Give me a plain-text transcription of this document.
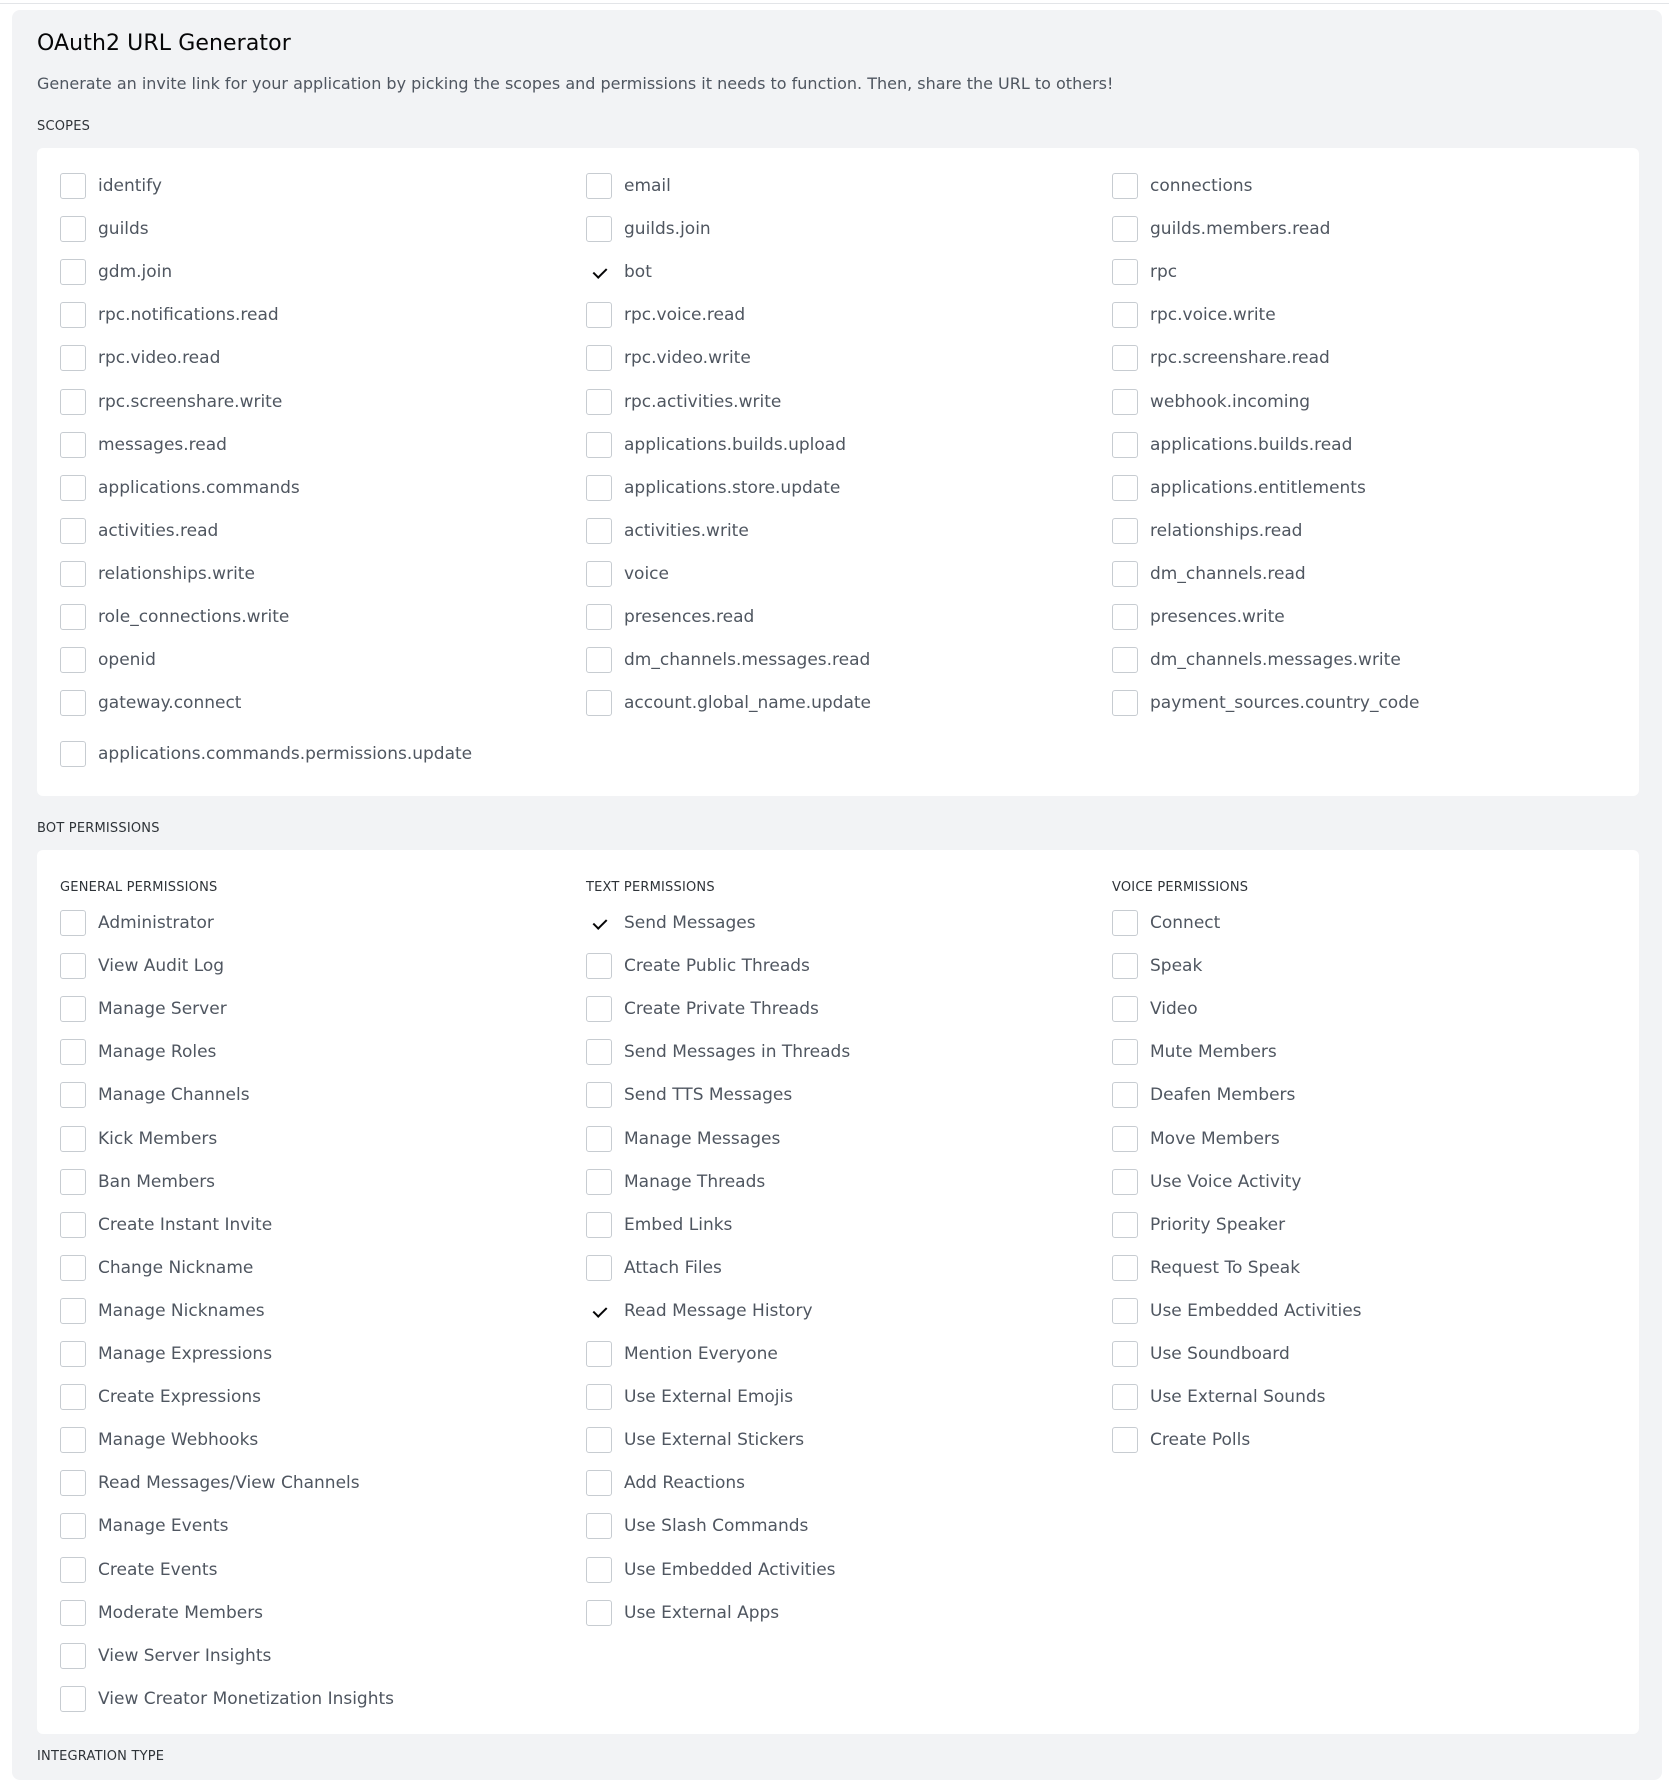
OAuth2 URL Generator
Generate an invite link for your application by picking the scopes and permissions it needs to function. Then, share the URL to others!
SCOPES
identify	email	connections
guilds	guilds.join	guilds.members.read
gdm.join	bot	rpc
rpc.notifications.read	rpc.voice.read	rpc.voice.write
rpc.video.read	rpc.video.write	rpc.screenshare.read
rpc.screenshare.write	rpc.activities.write	webhook.incoming
messages.read	applications.builds.upload	applications.builds.read
applications.commands	applications.store.update	applications.entitlements
activities.read	activities.write	relationships.read
relationships.write	voice	dm_channels.read
role_connections.write	presences.read	presences.write
openid	dm_channels.messages.read	dm_channels.messages.write
gateway.connect	account.global_name.update	payment_sources.country_code
applications.commands.permissions.update
BOT PERMISSIONS
GENERAL PERMISSIONS
Administrator
View Audit Log
Manage Server
Manage Roles
Manage Channels
Kick Members
Ban Members
Create Instant Invite
Change Nickname
Manage Nicknames
Manage Expressions
Create Expressions
Manage Webhooks
Read Messages/View Channels
Manage Events
Create Events
Moderate Members
View Server Insights
View Creator Monetization Insights
TEXT PERMISSIONS
Send Messages
Create Public Threads
Create Private Threads
Send Messages in Threads
Send TTS Messages
Manage Messages
Manage Threads
Embed Links
Attach Files
Read Message History
Mention Everyone
Use External Emojis
Use External Stickers
Add Reactions
Use Slash Commands
Use Embedded Activities
Use External Apps
VOICE PERMISSIONS
Connect
Speak
Video
Mute Members
Deafen Members
Move Members
Use Voice Activity
Priority Speaker
Request To Speak
Use Embedded Activities
Use Soundboard
Use External Sounds
Create Polls
INTEGRATION TYPE
